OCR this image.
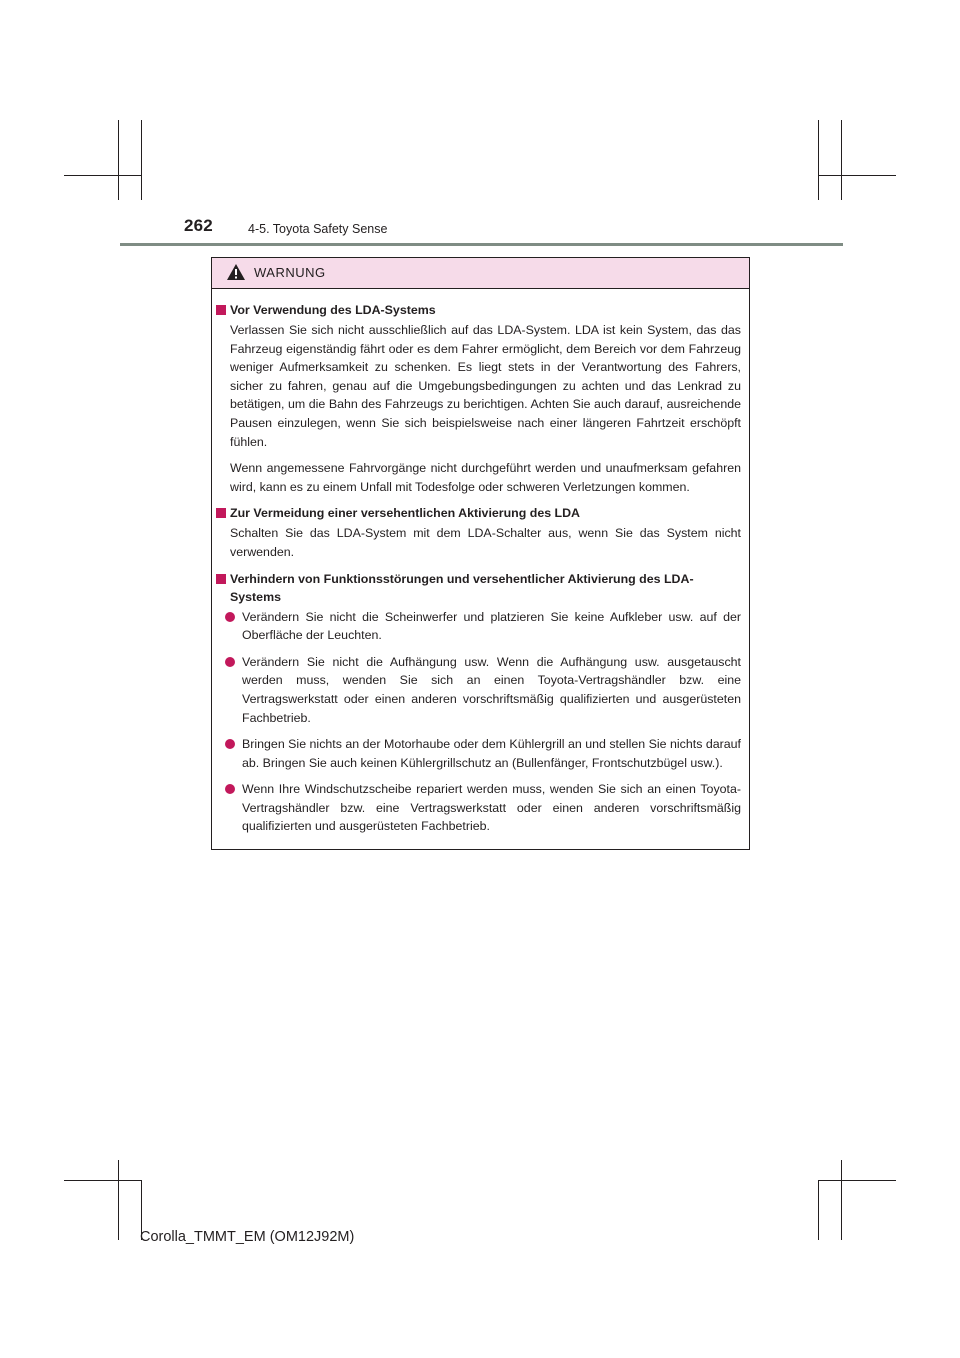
262	4-5. Toyota Safety Sense
WARNUNG
Vor Verwendung des LDA-Systems

Verlassen Sie sich nicht ausschließlich auf das LDA-System. LDA ist kein System, das das Fahrzeug eigenständig fährt oder es dem Fahrer ermöglicht, dem Bereich vor dem Fahrzeug weniger Aufmerksamkeit zu schenken. Es liegt stets in der Verantwortung des Fahrers, sicher zu fahren, genau auf die Umgebungsbedingungen zu achten und das Lenkrad zu betätigen, um die Bahn des Fahrzeugs zu berichtigen. Achten Sie auch darauf, ausreichende Pausen einzulegen, wenn Sie sich beispielsweise nach einer längeren Fahrtzeit erschöpft fühlen.

Wenn angemessene Fahrvorgänge nicht durchgeführt werden und unaufmerksam gefahren wird, kann es zu einem Unfall mit Todesfolge oder schweren Verletzungen kommen.

Zur Vermeidung einer versehentlichen Aktivierung des LDA

Schalten Sie das LDA-System mit dem LDA-Schalter aus, wenn Sie das System nicht verwenden.

Verhindern von Funktionsstörungen und versehentlicher Aktivierung des LDA-Systems
Verändern Sie nicht die Scheinwerfer und platzieren Sie keine Aufkleber usw. auf der Oberfläche der Leuchten.
Verändern Sie nicht die Aufhängung usw. Wenn die Aufhängung usw. ausgetauscht werden muss, wenden Sie sich an einen Toyota-Vertragshändler bzw. eine Vertragswerkstatt oder einen anderen vorschriftsmäßig qualifizierten und ausgerüsteten Fachbetrieb.
Bringen Sie nichts an der Motorhaube oder dem Kühlergrill an und stellen Sie nichts darauf ab. Bringen Sie auch keinen Kühlergrillschutz an (Bullenfänger, Frontschutzbügel usw.).
Wenn Ihre Windschutzscheibe repariert werden muss, wenden Sie sich an einen Toyota-Vertragshändler bzw. eine Vertragswerkstatt oder einen anderen vorschriftsmäßig qualifizierten und ausgerüsteten Fachbetrieb.
Corolla_TMMT_EM (OM12J92M)
